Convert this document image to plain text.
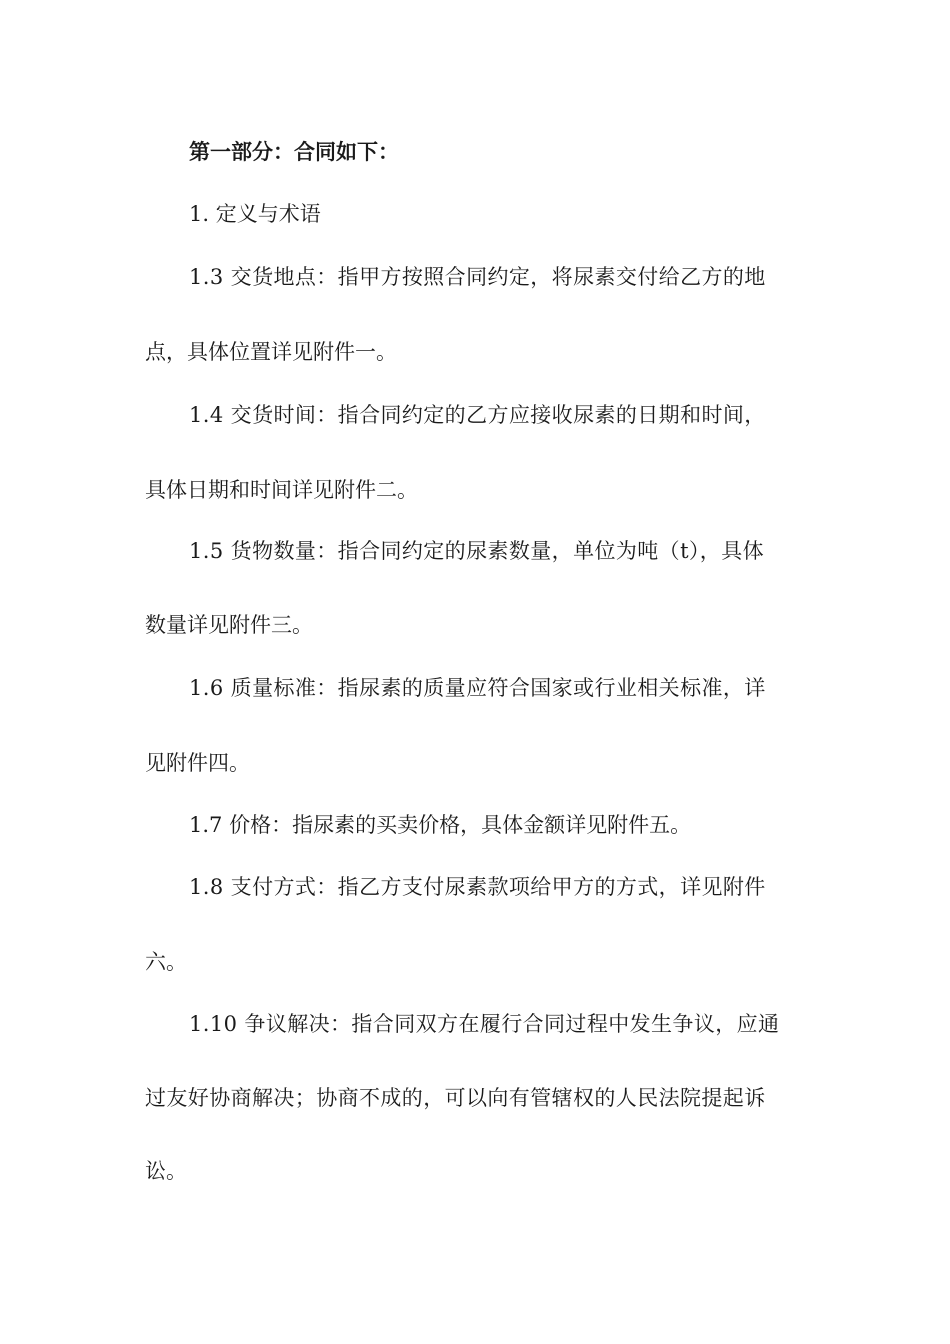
第一部分：合同如下：
1. 定义与术语
1.3 交货地点：指甲方按照合同约定，将尿素交付给乙方的地
点，具体位置详见附件一。
1.4 交货时间：指合同约定的乙方应接收尿素的日期和时间，
具体日期和时间详见附件二。
1.5 货物数量：指合同约定的尿素数量，单位为吨（t），具体
数量详见附件三。
1.6 质量标准：指尿素的质量应符合国家或行业相关标准，详
见附件四。
1.7 价格：指尿素的买卖价格，具体金额详见附件五。
1.8 支付方式：指乙方支付尿素款项给甲方的方式，详见附件
六。
1.10 争议解决：指合同双方在履行合同过程中发生争议，应通
过友好协商解决；协商不成的，可以向有管辖权的人民法院提起诉
讼。
